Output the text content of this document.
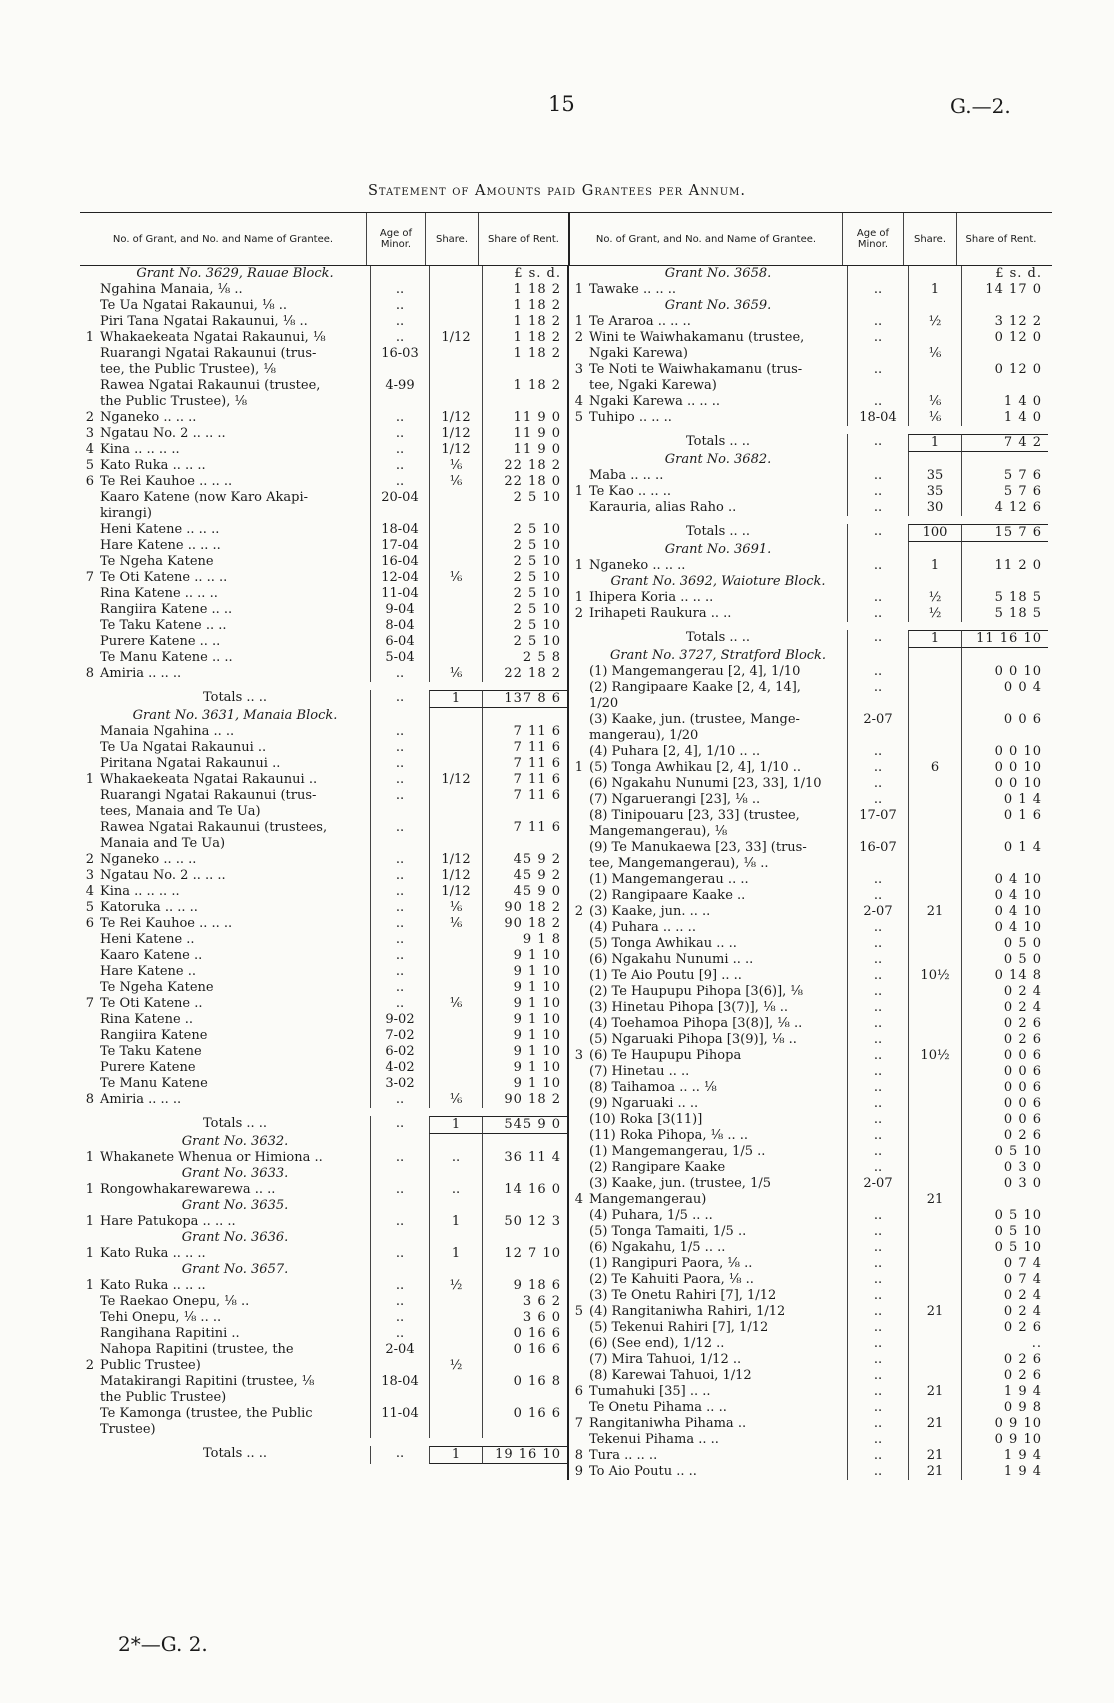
15	G.—2.
Statement of Amounts paid Grantees per Annum.
No. of Grant, and No. and Name of Grantee.	Age of Minor.	Share.	Share of Rent.	No. of Grant, and No. and Name of Grantee.	Age of Minor.	Share.	Share of Rent.
Grant No. 3629, Rauae Block.	£ s. d.
Ngahina Manaia, ⅛ ..	..	1 18 2
Te Ua Ngatai Rakaunui, ⅛ ..	..	1 18 2
Piri Tana Ngatai Rakaunui, ⅛ ..	..	1 18 2
1 Whakaekeata Ngatai Rakaunui, ⅛	..	1/12	1 18 2
Ruarangi Ngatai Rakaunui (trus-	16-03	1 18 2
tee, the Public Trustee), ⅛
Rawea Ngatai Rakaunui (trustee,	4-99	1 18 2
the Public Trustee), ⅛
2 Nganeko .. .. ..	..	1/12	11 9 0
3 Ngatau No. 2 .. .. ..	..	1/12	11 9 0
4 Kina .. .. .. ..	..	1/12	11 9 0
5 Kato Ruka .. .. ..	..	⅙	22 18 2
6 Te Rei Kauhoe .. .. ..	..	⅙	22 18 0
Kaaro Katene (now Karo Akapi-	20-04	2 5 10
kirangi)
Heni Katene .. .. ..	18-04	2 5 10
Hare Katene .. .. ..	17-04	2 5 10
Te Ngeha Katene	16-04	2 5 10
7 Te Oti Katene .. .. ..	12-04	⅙	2 5 10
Rina Katene .. .. ..	11-04	2 5 10
Rangiira Katene .. ..	9-04	2 5 10
Te Taku Katene .. ..	8-04	2 5 10
Purere Katene .. ..	6-04	2 5 10
Te Manu Katene .. ..	5-04	2 5 8
8 Amiria .. .. ..	..	⅙	22 18 2
Totals .. ..	..	1	137 8 6
Grant No. 3631, Manaia Block.
Manaia Ngahina .. ..	..	7 11 6
Te Ua Ngatai Rakaunui ..	..	7 11 6
Piritana Ngatai Rakaunui ..	..	7 11 6
1 Whakaekeata Ngatai Rakaunui ..	..	1/12	7 11 6
Ruarangi Ngatai Rakaunui (trus-	..	7 11 6
tees, Manaia and Te Ua)
Rawea Ngatai Rakaunui (trustees,	..	7 11 6
Manaia and Te Ua)
2 Nganeko .. .. ..	..	1/12	45 9 2
3 Ngatau No. 2 .. .. ..	..	1/12	45 9 2
4 Kina .. .. .. ..	..	1/12	45 9 0
5 Katoruka .. .. ..	..	⅙	90 18 2
6 Te Rei Kauhoe .. .. ..	..	⅙	90 18 2
Heni Katene ..	..	9 1 8
Kaaro Katene ..	..	9 1 10
Hare Katene ..	..	9 1 10
Te Ngeha Katene	..	9 1 10
7 Te Oti Katene ..	..	⅙	9 1 10
Rina Katene ..	9-02	9 1 10
Rangiira Katene	7-02	9 1 10
Te Taku Katene	6-02	9 1 10
Purere Katene	4-02	9 1 10
Te Manu Katene	3-02	9 1 10
8 Amiria .. .. ..	..	⅙	90 18 2
Totals .. ..	..	1	545 9 0
Grant No. 3632.
1 Whakanete Whenua or Himiona ..	..	..	36 11 4
Grant No. 3633.
1 Rongowhakarewarewa .. ..	..	..	14 16 0
Grant No. 3635.
1 Hare Patukopa .. .. ..	..	1	50 12 3
Grant No. 3636.
1 Kato Ruka .. .. ..	..	1	12 7 10
Grant No. 3657.
1 Kato Ruka .. .. ..	..	½	9 18 6
Te Raekao Onepu, ⅛ ..	..	3 6 2
Tehi Onepu, ⅛ .. ..	..	3 6 0
Rangihana Rapitini ..	..	0 16 6
Nahopa Rapitini (trustee, the	2-04	0 16 6
2 Public Trustee)	½
Matakirangi Rapitini (trustee, ⅛	18-04	0 16 8
the Public Trustee)
Te Kamonga (trustee, the Public	11-04	0 16 6
Trustee)
Totals .. ..	..	1	19 16 10
Grant No. 3658.	£ s. d.
1 Tawake .. .. ..	..	1	14 17 0
Grant No. 3659.
1 Te Araroa .. .. ..	..	½	3 12 2
2 Wini te Waiwhakamanu (trustee,	..	0 12 0
Ngaki Karewa)	⅙
3 Te Noti te Waiwhakamanu (trus-	..	0 12 0
tee, Ngaki Karewa)
4 Ngaki Karewa .. .. ..	..	⅙	1 4 0
5 Tuhipo .. .. ..	18-04	⅙	1 4 0
Totals .. ..	..	1	7 4 2
Grant No. 3682.
Maba .. .. ..	..	35	5 7 6
1 Te Kao .. .. ..	..	35	5 7 6
Karauria, alias Raho ..	..	30	4 12 6
Totals .. ..	..	100	15 7 6
Grant No. 3691.
1 Nganeko .. .. ..	..	1	11 2 0
Grant No. 3692, Waioture Block.
1 Ihipera Koria .. .. ..	..	½	5 18 5
2 Irihapeti Raukura .. ..	..	½	5 18 5
Totals .. ..	..	1	11 16 10
Grant No. 3727, Stratford Block.
(1) Mangemangerau [2, 4], 1/10	..	0 0 10
(2) Rangipaare Kaake [2, 4, 14],	..	0 0 4
1/20
(3) Kaake, jun. (trustee, Mange-	2-07	0 0 6
mangerau), 1/20
(4) Puhara [2, 4], 1/10 .. ..	..	0 0 10
1 (5) Tonga Awhikau [2, 4], 1/10 ..	..	6	0 0 10
(6) Ngakahu Nunumi [23, 33], 1/10	..	0 0 10
(7) Ngaruerangi [23], ⅛ ..	..	0 1 4
(8) Tinipouaru [23, 33] (trustee,	17-07	0 1 6
Mangemangerau), ⅛
(9) Te Manukaewa [23, 33] (trus-	16-07	0 1 4
tee, Mangemangerau), ⅛ ..
(1) Mangemangerau .. ..	..	0 4 10
(2) Rangipaare Kaake ..	..	0 4 10
2 (3) Kaake, jun. .. ..	2-07	21	0 4 10
(4) Puhara .. .. ..	..	0 4 10
(5) Tonga Awhikau .. ..	..	0 5 0
(6) Ngakahu Nunumi .. ..	..	0 5 0
(1) Te Aio Poutu [9] .. ..	..	10½	0 14 8
(2) Te Haupupu Pihopa [3(6)], ⅛	..	0 2 4
(3) Hinetau Pihopa [3(7)], ⅛ ..	..	0 2 4
(4) Toehamoa Pihopa [3(8)], ⅛ ..	..	0 2 6
(5) Ngaruaki Pihopa [3(9)], ⅛ ..	..	0 2 6
3 (6) Te Haupupu Pihopa	..	10½	0 0 6
(7) Hinetau .. ..	..	0 0 6
(8) Taihamoa .. .. ⅛	..	0 0 6
(9) Ngaruaki .. ..	..	0 0 6
(10) Roka [3(11)]	..	0 0 6
(11) Roka Pihopa, ⅛ .. ..	..	0 2 6
(1) Mangemangerau, 1/5 ..	..	0 5 10
(2) Rangipare Kaake	..	0 3 0
(3) Kaake, jun. (trustee, 1/5	2-07	0 3 0
4 Mangemangerau)	21
(4) Puhara, 1/5 .. ..	..	0 5 10
(5) Tonga Tamaiti, 1/5 ..	..	0 5 10
(6) Ngakahu, 1/5 .. ..	..	0 5 10
(1) Rangipuri Paora, ⅛ ..	..	0 7 4
(2) Te Kahuiti Paora, ⅛ ..	..	0 7 4
(3) Te Onetu Rahiri [7], 1/12	..	0 2 4
5 (4) Rangitaniwha Rahiri, 1/12	..	21	0 2 4
(5) Tekenui Rahiri [7], 1/12	..	0 2 6
(6) (See end), 1/12 ..	..	..
(7) Mira Tahuoi, 1/12 ..	..	0 2 6
(8) Karewai Tahuoi, 1/12	..	0 2 6
6 Tumahuki [35] .. ..	..	21	1 9 4
Te Onetu Pihama .. ..	..	0 9 8
7 Rangitaniwha Pihama ..	..	21	0 9 10
Tekenui Pihama .. ..	..	0 9 10
8 Tura .. .. ..	..	21	1 9 4
9 To Aio Poutu .. ..	..	21	1 9 4
2*—G. 2.
